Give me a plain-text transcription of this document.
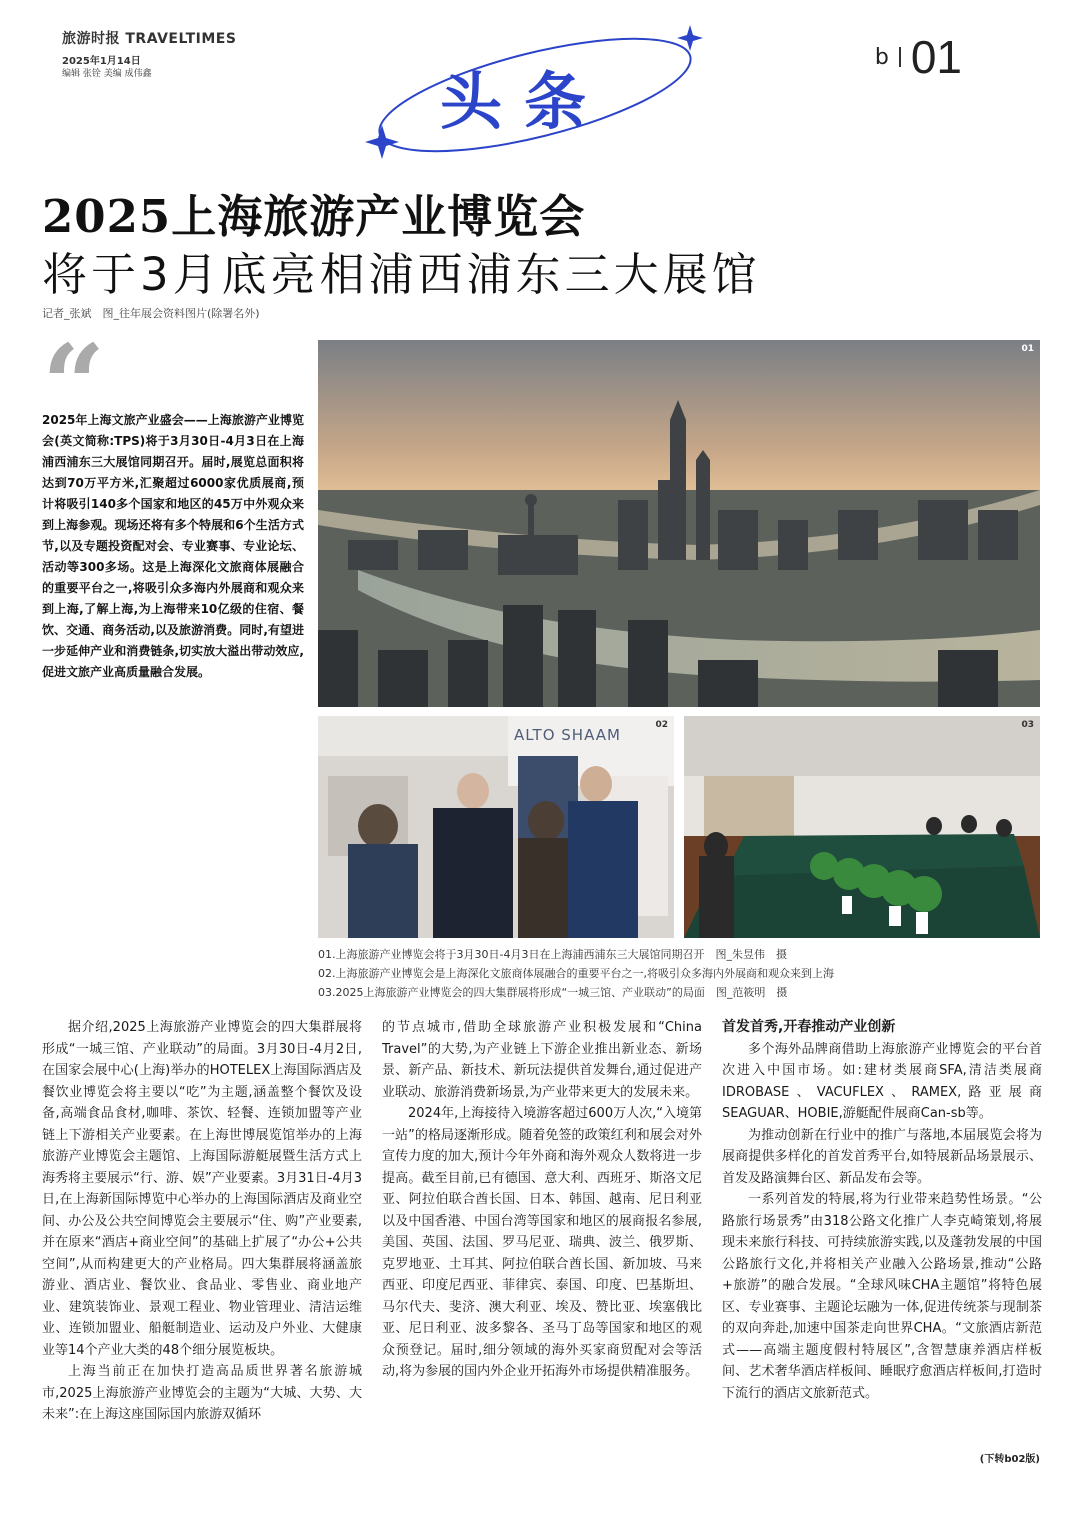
旅游时报 TRAVELTIMES
2025年1月14日
编辑 张铨 美编 成伟鑫
b 01
头条
2025上海旅游产业博览会
将于3月底亮相浦西浦东三大展馆
记者_张斌　图_往年展会资料图片(除署名外)
“
2025年上海文旅产业盛会——上海旅游产业博览会(英文简称:TPS)将于3月30日-4月3日在上海浦西浦东三大展馆同期召开。届时,展览总面积将达到70万平方米,汇聚超过6000家优质展商,预计将吸引140多个国家和地区的45万中外观众来到上海参观。现场还将有多个特展和6个生活方式节,以及专题投资配对会、专业赛事、专业论坛、活动等300多场。这是上海深化文旅商体展融合的重要平台之一,将吸引众多海内外展商和观众来到上海,了解上海,为上海带来10亿级的住宿、餐饮、交通、商务活动,以及旅游消费。同时,有望进一步延伸产业和消费链条,切实放大溢出带动效应,促进文旅产业高质量融合发展。
01
ALTO SHAAM
02	03
01.上海旅游产业博览会将于3月30日-4月3日在上海浦西浦东三大展馆同期召开　图_朱昱伟　摄
02.上海旅游产业博览会是上海深化文旅商体展融合的重要平台之一,将吸引众多海内外展商和观众来到上海
03.2025上海旅游产业博览会的四大集群展将形成“一城三馆、产业联动”的局面　图_范筱明　摄

据介绍,2025上海旅游产业博览会的四大集群展将形成“一城三馆、产业联动”的局面。3月30日-4月2日,在国家会展中心(上海)举办的HOTELEX上海国际酒店及餐饮业博览会将主要以“吃”为主题,涵盖整个餐饮及设备,高端食品食材,咖啡、茶饮、轻餐、连锁加盟等产业链上下游相关产业要素。在上海世博展览馆举办的上海旅游产业博览会主题馆、上海国际游艇展暨生活方式上海秀将主要展示“行、游、娱”产业要素。3月31日-4月3日,在上海新国际博览中心举办的上海国际酒店及商业空间、办公及公共空间博览会主要展示“住、购”产业要素,并在原来“酒店+商业空间”的基础上扩展了“办公+公共空间”,从而构建更大的产业格局。四大集群展将涵盖旅游业、酒店业、餐饮业、食品业、零售业、商业地产业、建筑装饰业、景观工程业、物业管理业、清洁运维业、连锁加盟业、船艇制造业、运动及户外业、大健康业等14个产业大类的48个细分展览板块。

上海当前正在加快打造高品质世界著名旅游城市,2025上海旅游产业博览会的主题为“大城、大势、大未来”:在上海这座国际国内旅游双循环

的节点城市,借助全球旅游产业积极发展和“China Travel”的大势,为产业链上下游企业推出新业态、新场景、新产品、新技术、新玩法提供首发舞台,通过促进产业联动、旅游消费新场景,为产业带来更大的发展未来。

2024年,上海接待入境游客超过600万人次,“入境第一站”的格局逐渐形成。随着免签的政策红利和展会对外宣传力度的加大,预计今年外商和海外观众人数将进一步提高。截至目前,已有德国、意大利、西班牙、斯洛文尼亚、阿拉伯联合酋长国、日本、韩国、越南、尼日利亚以及中国香港、中国台湾等国家和地区的展商报名参展,美国、英国、法国、罗马尼亚、瑞典、波兰、俄罗斯、克罗地亚、土耳其、阿拉伯联合酋长国、新加坡、马来西亚、印度尼西亚、菲律宾、泰国、印度、巴基斯坦、马尔代夫、斐济、澳大利亚、埃及、赞比亚、埃塞俄比亚、尼日利亚、波多黎各、圣马丁岛等国家和地区的观众预登记。届时,细分领域的海外买家商贸配对会等活动,将为参展的国内外企业开拓海外市场提供精准服务。

首发首秀,开春推动产业创新

多个海外品牌商借助上海旅游产业博览会的平台首次进入中国市场。如:建材类展商SFA,清洁类展商IDROBASE、VACUFLEX、RAMEX,路亚展商SEAGUAR、HOBIE,游艇配件展商Can-sb等。

为推动创新在行业中的推广与落地,本届展览会将为展商提供多样化的首发首秀平台,如特展新品场景展示、首发及路演舞台区、新品发布会等。

一系列首发的特展,将为行业带来趋势性场景。“公路旅行场景秀”由318公路文化推广人李克崎策划,将展现未来旅行科技、可持续旅游实践,以及蓬勃发展的中国公路旅行文化,并将相关产业融入公路场景,推动“公路+旅游”的融合发展。“全球风味CHA主题馆”将特色展区、专业赛事、主题论坛融为一体,促进传统茶与现制茶的双向奔赴,加速中国茶走向世界CHA。“文旅酒店新范式——高端主题度假村特展区”,含智慧康养酒店样板间、艺术奢华酒店样板间、睡眠疗愈酒店样板间,打造时下流行的酒店文旅新范式。

(下转b02版)
